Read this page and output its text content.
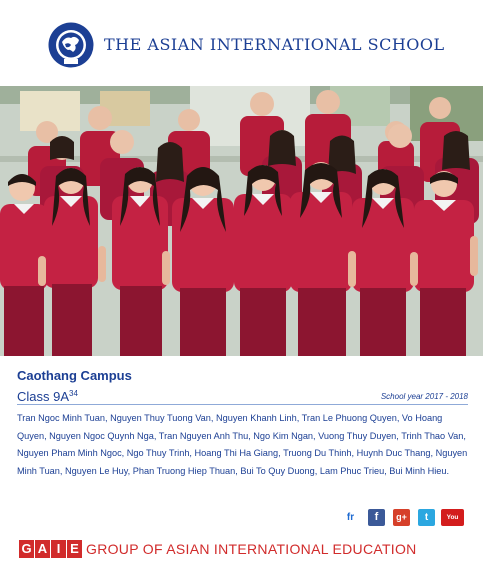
THE ASIAN INTERNATIONAL SCHOOL
Caothang Campus
Class $9A^{34}$	School year 2017 - 2018
Tran Ngoc Minh Tuan, Nguyen Thuy Tuong Van, Nguyen Khanh Linh, Tran Le Phuong Quyen, Vo Hoang Quyen, Nguyen Ngoc Quynh Nga, Tran Nguyen Anh Thu, Ngo Kim Ngan, Vuong Thuy Duyen, Trinh Thao Van, Nguyen Pham Minh Ngoc, Ngo Thuy Trinh, Hoang Thi Ha Giang, Truong Du Thinh, Huynh Duc Thang, Nguyen Minh Tuan, Nguyen Le Huy, Phan Truong Hiep Thuan, Bui To Quy Duong, Lam Phuc Trieu, Bui Minh Hieu.
fr	f	g+	t	You Tube
G A I E GROUP OF ASIAN INTERNATIONAL EDUCATION
